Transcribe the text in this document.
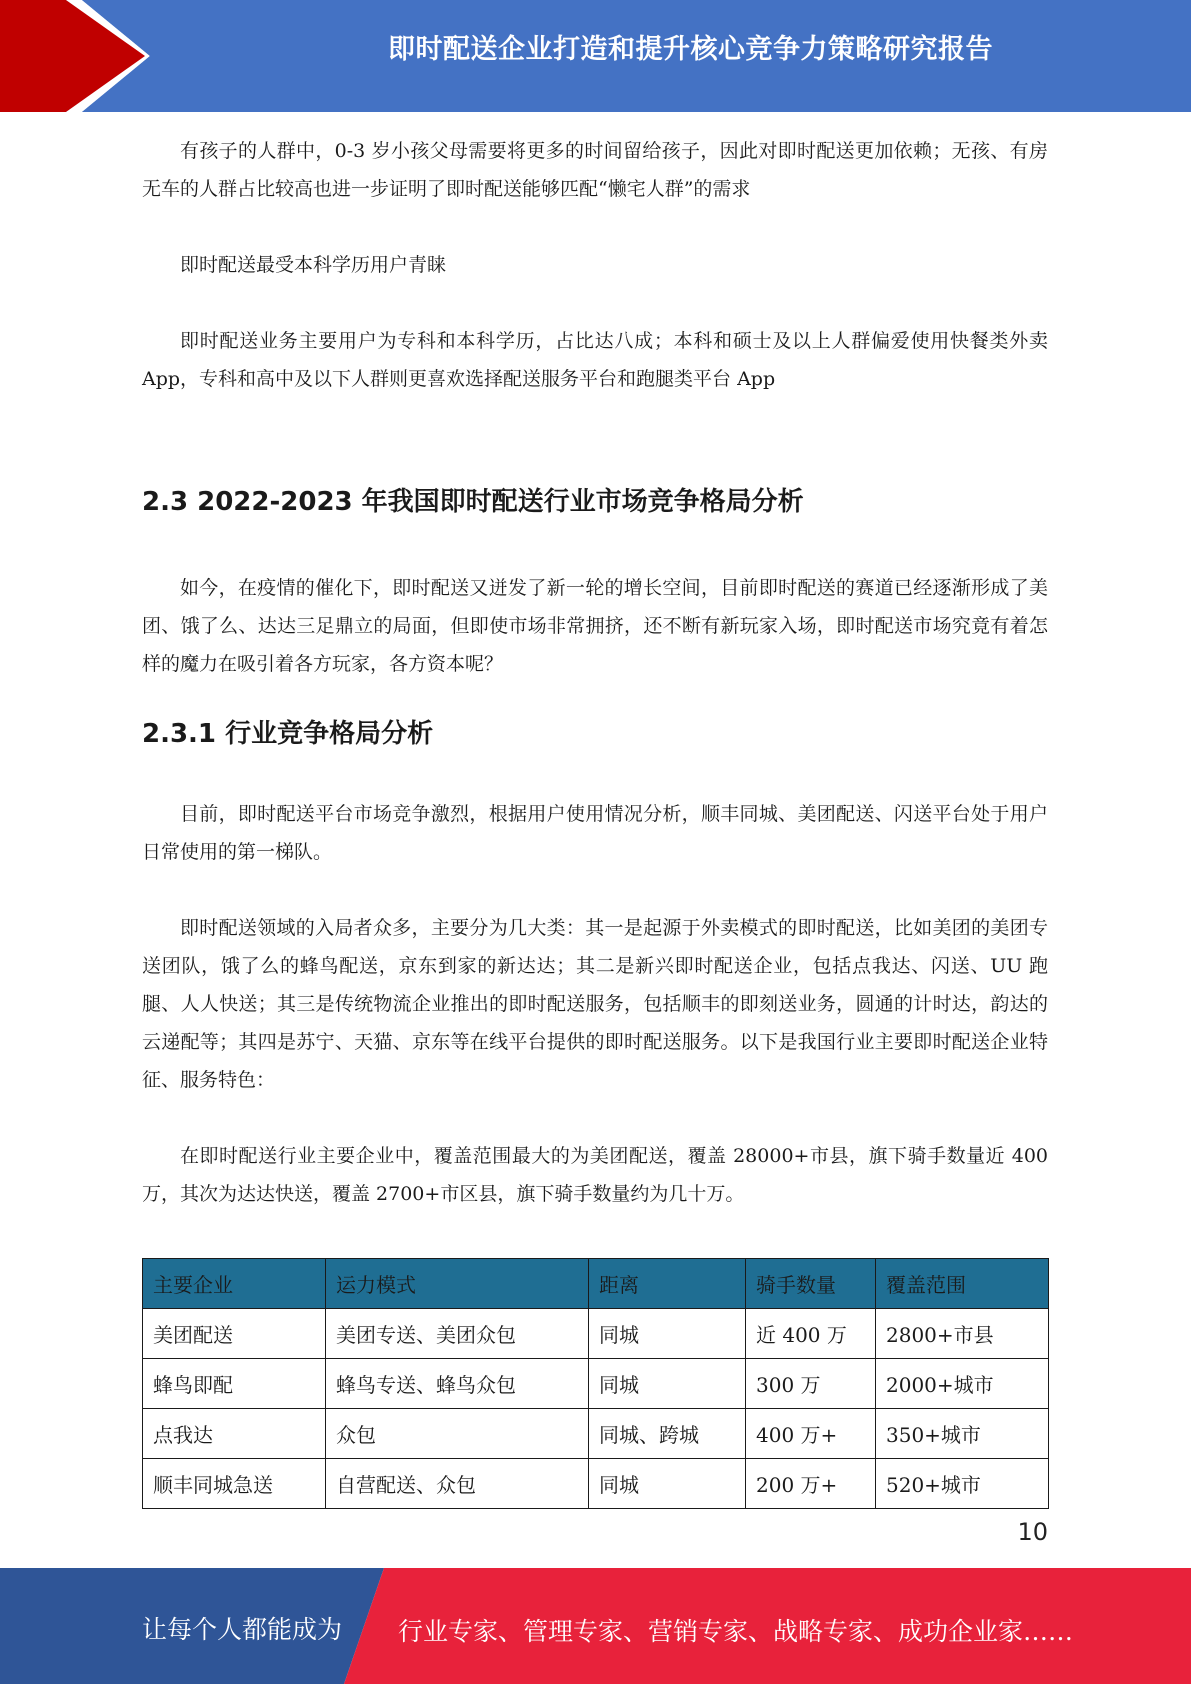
即时配送企业打造和提升核心竞争力策略研究报告

有孩子的人群中，0-3 岁小孩父母需要将更多的时间留给孩子，因此对即时配送更加依赖；无孩、有房无车的人群占比较高也进一步证明了即时配送能够匹配“懒宅人群”的需求

即时配送最受本科学历用户青睐

即时配送业务主要用户为专科和本科学历，占比达八成；本科和硕士及以上人群偏爱使用快餐类外卖 App，专科和高中及以下人群则更喜欢选择配送服务平台和跑腿类平台 App

2.3 2022-2023 年我国即时配送行业市场竞争格局分析

如今，在疫情的催化下，即时配送又迸发了新一轮的增长空间，目前即时配送的赛道已经逐渐形成了美团、饿了么、达达三足鼎立的局面，但即使市场非常拥挤，还不断有新玩家入场，即时配送市场究竟有着怎样的魔力在吸引着各方玩家，各方资本呢？

2.3.1 行业竞争格局分析

目前，即时配送平台市场竞争激烈，根据用户使用情况分析，顺丰同城、美团配送、闪送平台处于用户日常使用的第一梯队。

即时配送领域的入局者众多，主要分为几大类：其一是起源于外卖模式的即时配送，比如美团的美团专送团队，饿了么的蜂鸟配送，京东到家的新达达；其二是新兴即时配送企业，包括点我达、闪送、UU 跑腿、人人快送；其三是传统物流企业推出的即时配送服务，包括顺丰的即刻送业务，圆通的计时达，韵达的云递配等；其四是苏宁、天猫、京东等在线平台提供的即时配送服务。以下是我国行业主要即时配送企业特征、服务特色：

在即时配送行业主要企业中，覆盖范围最大的为美团配送，覆盖 28000+市县，旗下骑手数量近 400 万，其次为达达快送，覆盖 2700+市区县，旗下骑手数量约为几十万。

主要企业	运力模式	距离	骑手数量	覆盖范围
美团配送	美团专送、美团众包	同城	近 400 万	2800+市县
蜂鸟即配	蜂鸟专送、蜂鸟众包	同城	300 万	2000+城市
点我达	众包	同城、跨城	400 万+	350+城市
顺丰同城急送	自营配送、众包	同城	200 万+	520+城市
10
让每个人都能成为 行业专家、管理专家、营销专家、战略专家、成功企业家……
